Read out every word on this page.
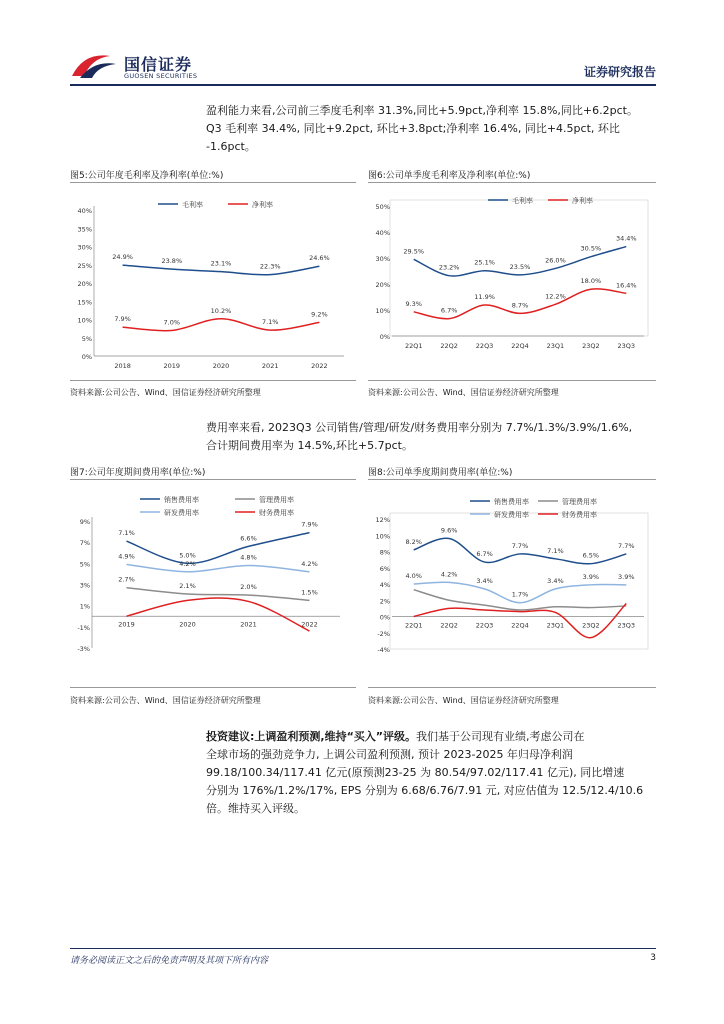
国信证券
GUOSEN SECURITIES	证券研究报告
盈利能力来看,公司前三季度毛利率 31.3%,同比+5.9pct,净利率 15.8%,同比+6.2pct。
Q3 毛利率 34.4%, 同比+9.2pct, 环比+3.8pct;净利率 16.4%, 同比+4.5pct, 环比
-1.6pct。
图5:公司年度毛利率及净利率(单位:%)	图6:公司单季度毛利率及净利率(单位:%)
0%
5%
10%
15%
20%
25%
30%
35%
40%
2018	2019	2020	2021	2022
24.9%
23.8%	23.1%	22.3%
24.6%
毛利率
7.9%	7.0%
10.2%
7.1%
9.2%
净利率
0%
10%
20%
30%
40%
50%
22Q1	22Q2	22Q3	22Q4	23Q1	23Q2	23Q3
29.5%
23.2%
25.1%
23.5%
26.0%
30.5%
34.4%
毛利率
9.3%
6.7%
11.9%
8.7%
12.2%
18.0%
16.4%
净利率
资料来源:公司公告、Wind、国信证券经济研究所整理	资料来源:公司公告、Wind、国信证券经济研究所整理
费用率来看, 2023Q3 公司销售/管理/研发/财务费用率分别为 7.7%/1.3%/3.9%/1.6%,
合计期间费用率为 14.5%,环比+5.7pct。
图7:公司年度期间费用率(单位:%)	图8:公司单季度期间费用率(单位:%)
-3%
-1%
1%
3%
5%
7%
9%
2019	2020	2021	2022
7.1%
5.0%
6.6%
7.9%
销售费用率
2.7%
2.1%	2.0%
1.5%
管理费用率
4.9%
4.2%
4.8%
4.2%
研发费用率	财务费用率
-4%
-2%
0%
2%
4%
6%
8%
10%
12%
22Q1	22Q2	22Q3	22Q4	23Q1	23Q2	23Q3
8.2%
9.6%
6.7%
7.7%
7.1%
6.5%
7.7%
销售费用率	管理费用率
4.0%	4.2%
3.4%
1.7%
3.4%
3.9%	3.9%
研发费用率	财务费用率
资料来源:公司公告、Wind、国信证券经济研究所整理	资料来源:公司公告、Wind、国信证券经济研究所整理
投资建议:上调盈利预测,维持“买入”评级。我们基于公司现有业绩,考虑公司在
全球市场的强劲竞争力, 上调公司盈利预测, 预计 2023-2025 年归母净利润
99.18/100.34/117.41 亿元(原预测23-25 为 80.54/97.02/117.41 亿元), 同比增速
分别为 176%/1.2%/17%, EPS 分别为 6.68/6.76/7.91 元, 对应估值为 12.5/12.4/10.6
倍。维持买入评级。
请务必阅读正文之后的免责声明及其项下所有内容	3
